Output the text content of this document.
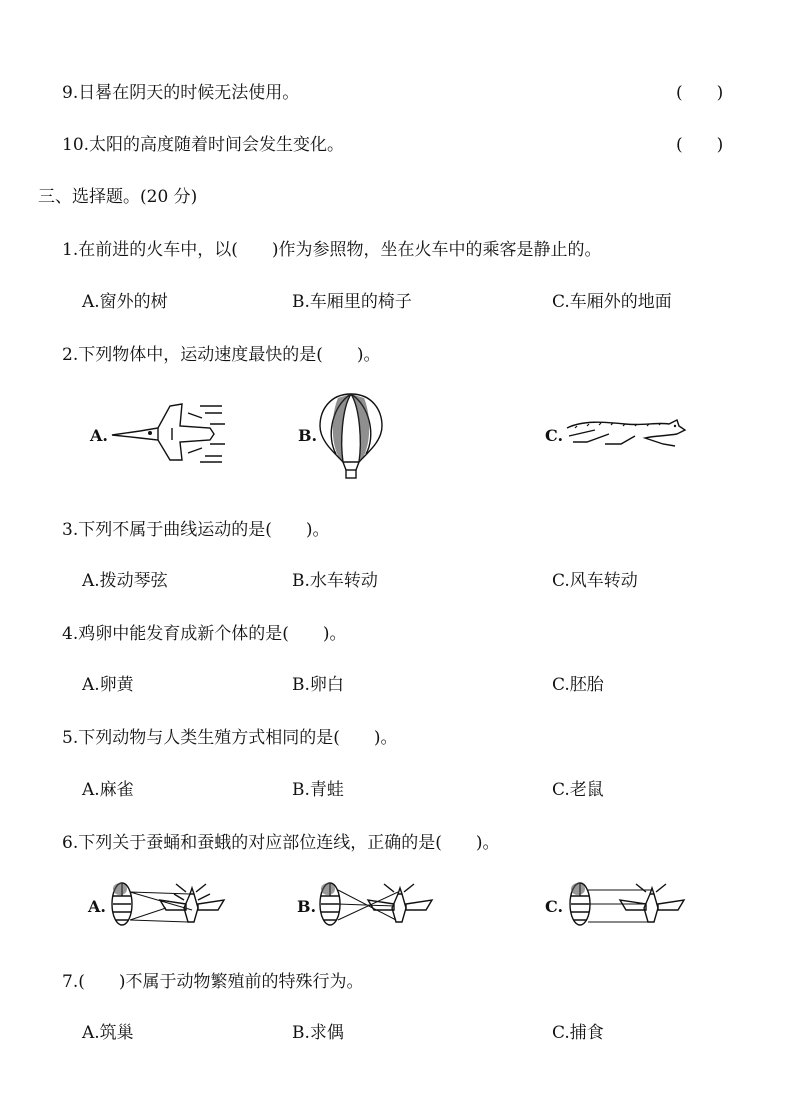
9.日晷在阴天的时候无法使用。	(　　)
10.太阳的高度随着时间会发生变化。	(　　)
三、选择题。(20 分)
1.在前进的火车中，以(　　)作为参照物，坐在火车中的乘客是静止的。
A.窗外的树	B.车厢里的椅子	C.车厢外的地面
2.下列物体中，运动速度最快的是(　　)。
A.	B.	C.
3.下列不属于曲线运动的是(　　)。
A.拨动琴弦	B.水车转动	C.风车转动
4.鸡卵中能发育成新个体的是(　　)。
A.卵黄	B.卵白	C.胚胎
5.下列动物与人类生殖方式相同的是(　　)。
A.麻雀	B.青蛙	C.老鼠
6.下列关于蚕蛹和蚕蛾的对应部位连线，正确的是(　　)。
A.	B.	C.
7.(　　)不属于动物繁殖前的特殊行为。
A.筑巢	B.求偶	C.捕食
